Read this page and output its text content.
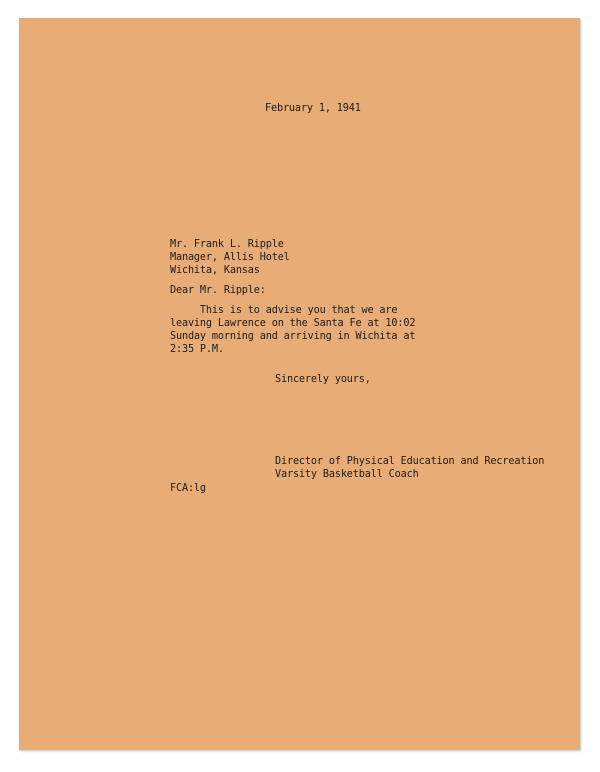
February 1, 1941
Mr. Frank L. Ripple
Manager, Allis Hotel
Wichita, Kansas
Dear Mr. Ripple:
This is to advise you that we are
leaving Lawrence on the Santa Fe at 10:02
Sunday morning and arriving in Wichita at
2:35 P.M.
Sincerely yours,
Director of Physical Education and Recreation
Varsity Basketball Coach
FCA:lg
